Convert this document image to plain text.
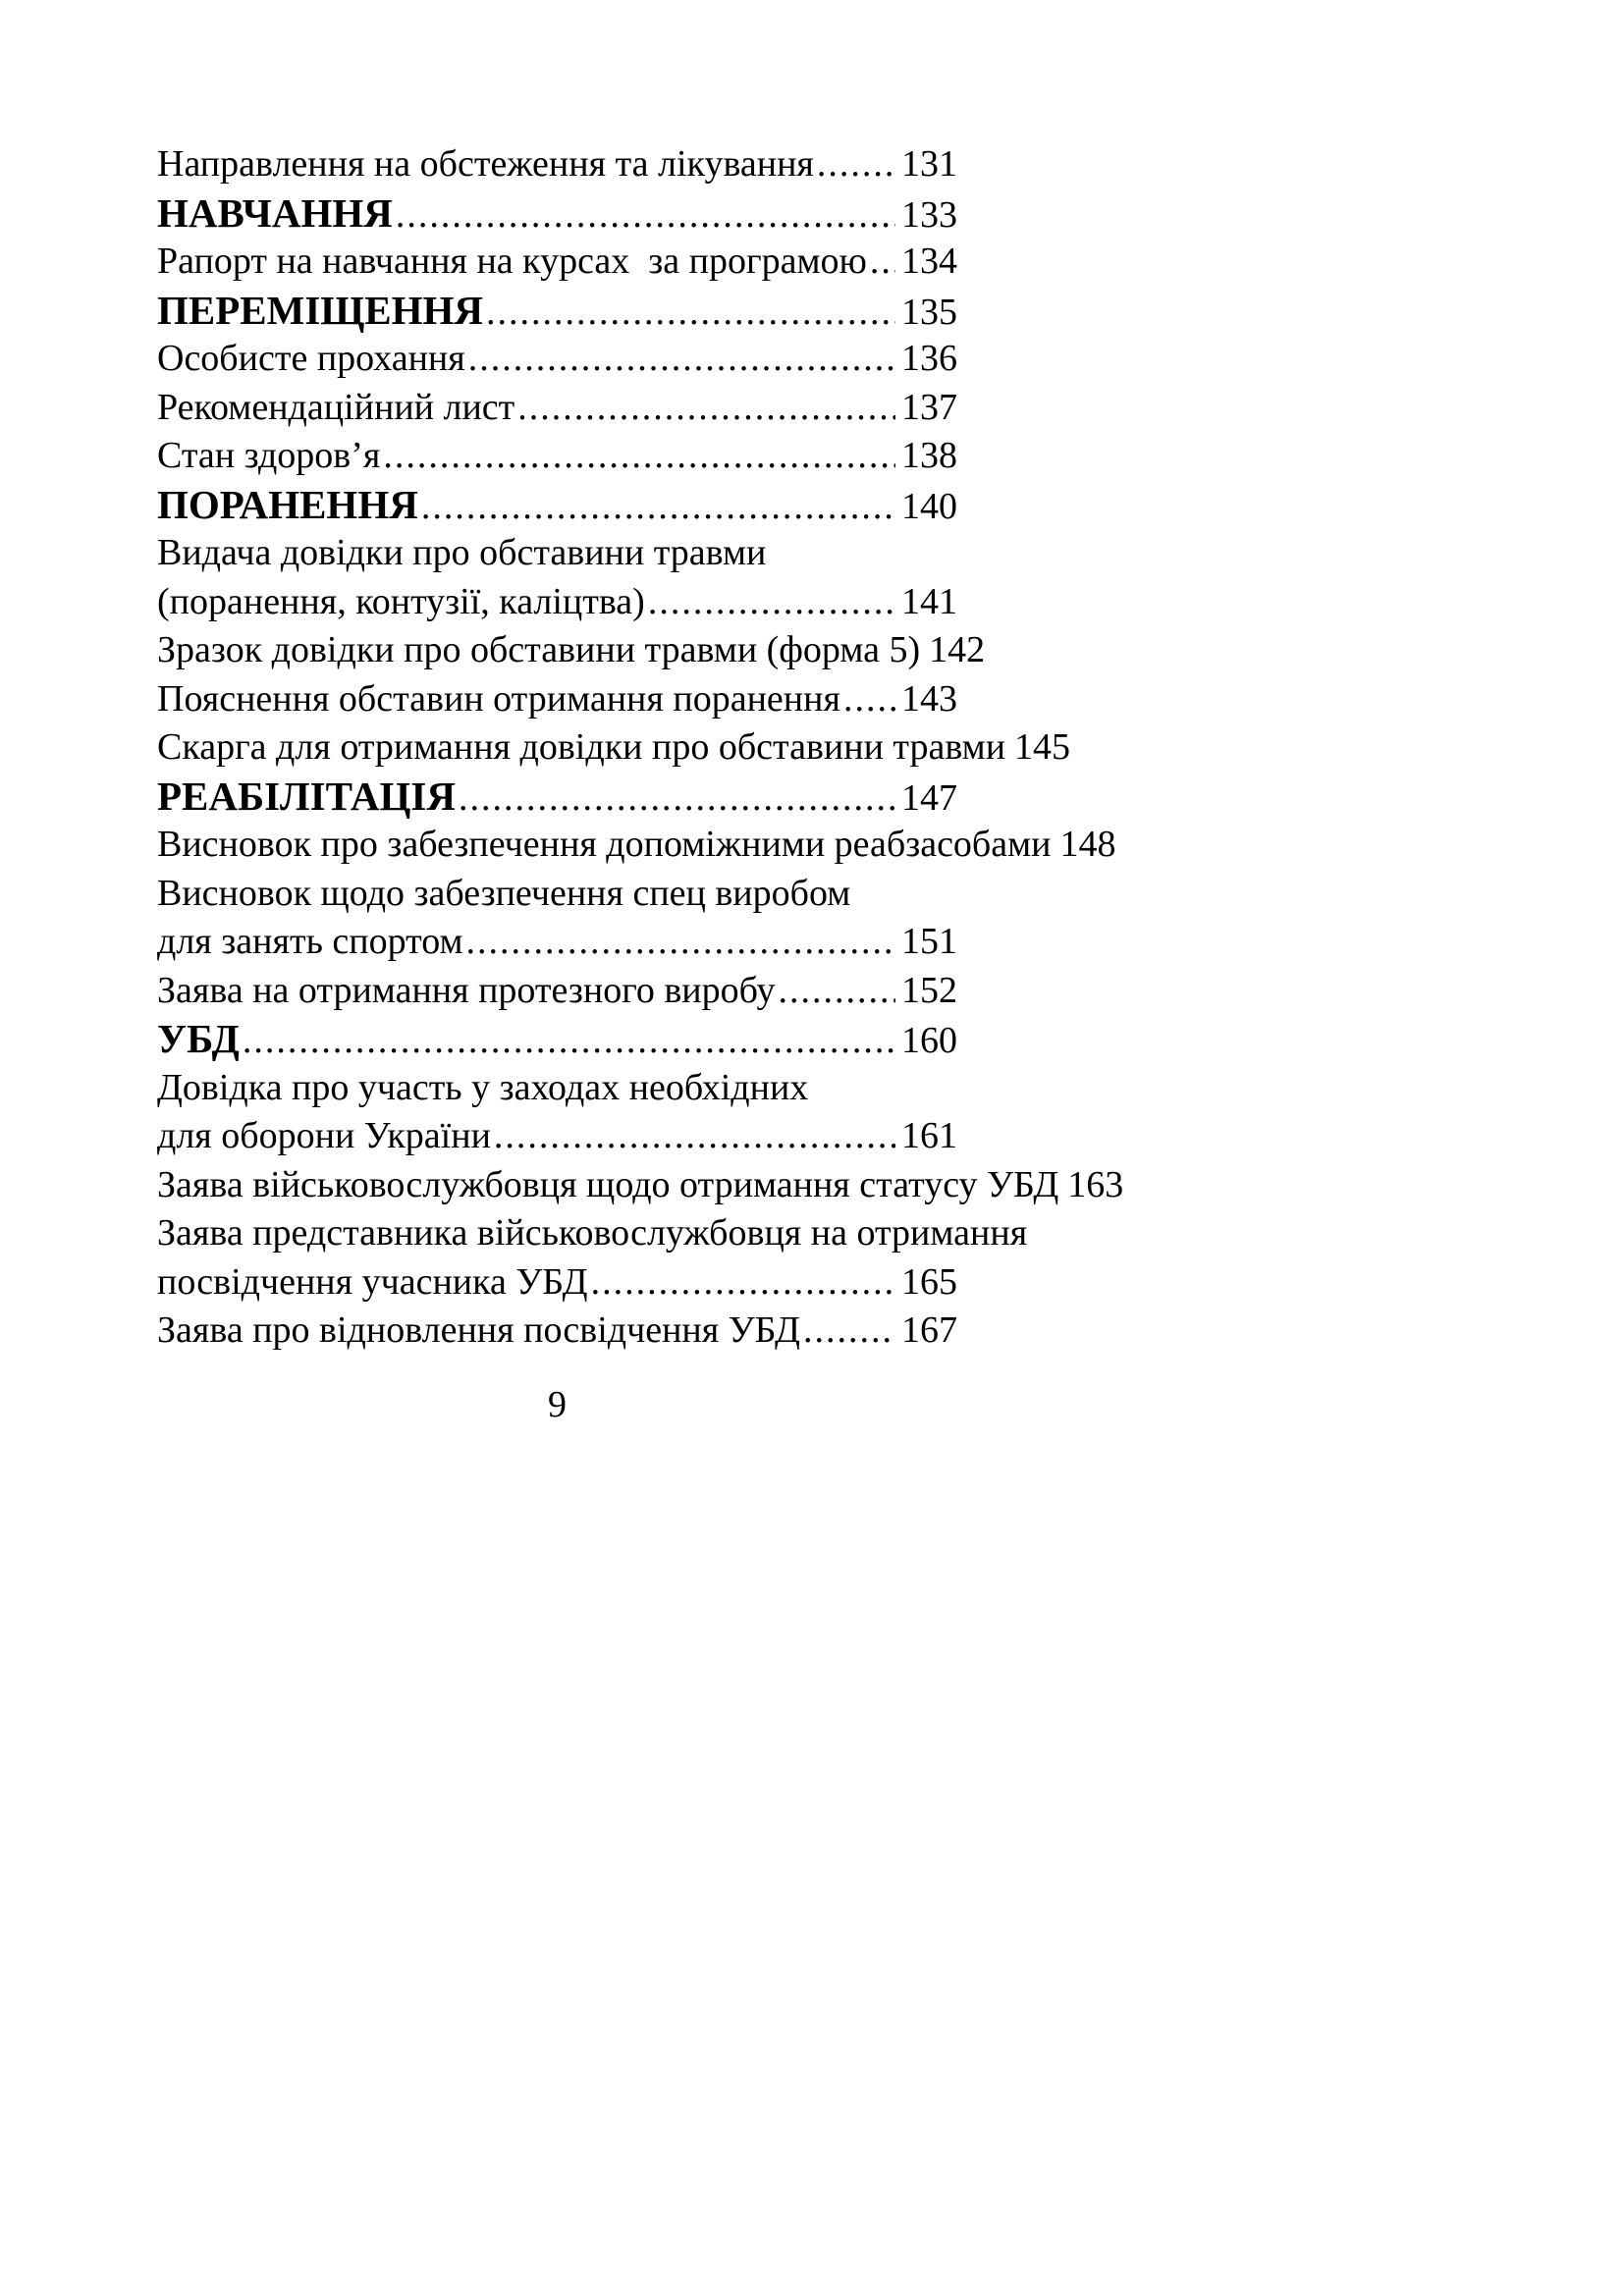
Направлення на обстеження та лікування ..... 131
НАВЧАННЯ .....	133
Рапорт на навчання на курсах  за програмою ..... 134
ПЕРЕМІЩЕННЯ .....	135
Особисте прохання .....	136
Рекомендаційний лист .....	137
Стан здоров’я .....	138
ПОРАНЕННЯ .....	140
Видача довідки про обставини травми
(поранення, контузії, каліцтва) .....	141
Зразок довідки про обставини травми (форма 5) ..... 142
Пояснення обставин отримання поранення ..... 143
Скарга для отримання довідки про обставини травми ..... 145
РЕАБІЛІТАЦІЯ .....	147
Висновок про забезпечення допоміжними реабзасобами ..... 148
Висновок щодо забезпечення спец виробом
для занять спортом .....	151
Заява на отримання протезного виробу .....	152
УБД .....	160
Довідка про участь у заходах необхідних
для оборони України .....	161
Заява військовослужбовця щодо отримання статусу УБД ..... 163
Заява представника військовослужбовця на отримання
посвідчення учасника УБД .....	165
Заява про відновлення посвідчення УБД .....	167
9
